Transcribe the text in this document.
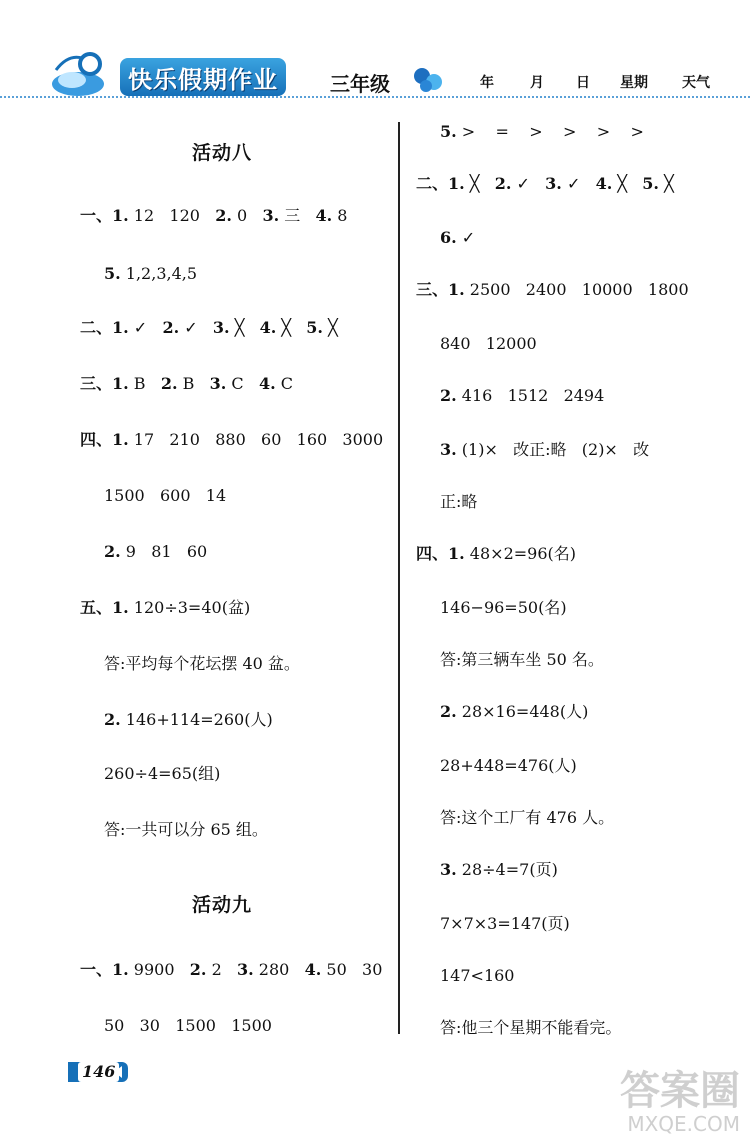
快乐假期作业	三年级	年	月 日 星期 天气
活动八
一、1. 12   120   2. 0   3. 三   4. 8
5. 1,2,3,4,5
二、1. ✓   2. ✓   3. ╳   4. ╳   5. ╳
三、1. B   2. B   3. C   4. C
四、1. 17   210   880   60   160   3000
1500   600   14
2. 9   81   60
五、1. 120÷3=40(盆)
答:平均每个花坛摆 40 盆。
2. 146+114=260(人)
260÷4=65(组)
答:一共可以分 65 组。
活动九
一、1. 9900   2. 2   3. 280   4. 50   30
50   30   1500   1500
5. >    =    >    >    >    >
二、1. ╳   2. ✓   3. ✓   4. ╳   5. ╳
6. ✓
三、1. 2500   2400   10000   1800
840   12000
2. 416   1512   2494
3. (1)×   改正:略   (2)×   改
正:略
四、1. 48×2=96(名)
146−96=50(名)
答:第三辆车坐 50 名。
2. 28×16=448(人)
28+448=476(人)
答:这个工厂有 476 人。
3. 28÷4=7(页)
7×7×3=147(页)
147<160
答:他三个星期不能看完。
146	答案圈
MXQE.COM
